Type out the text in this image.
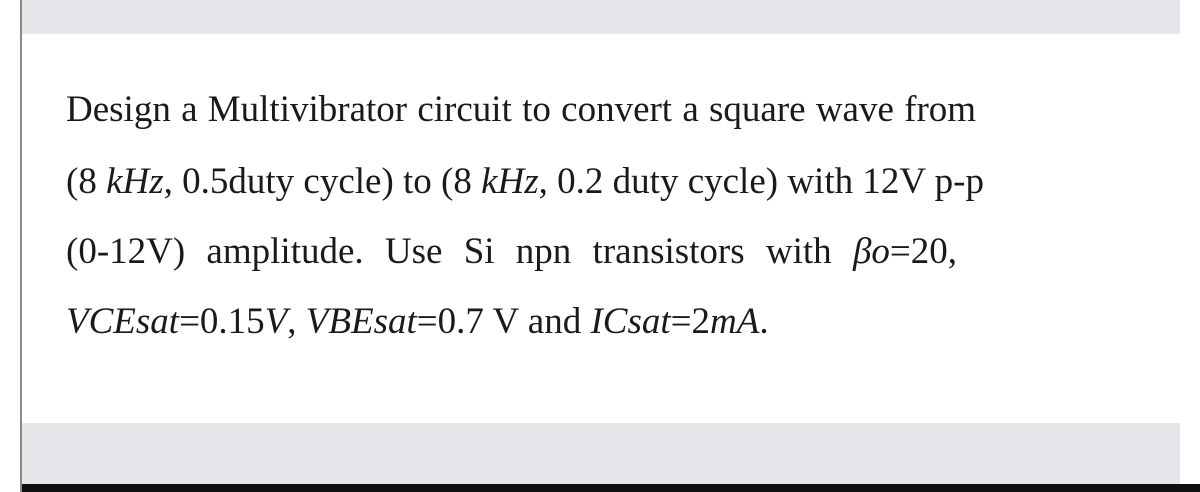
Design a Multivibrator circuit to convert a square wave from
(8 kHz, 0.5duty cycle) to (8 kHz, 0.2 duty cycle) with 12V p-p
(0-12V) amplitude. Use Si npn transistors with βo=20,
VCEsat=0.15V, VBEsat=0.7 V and ICsat=2mA.
